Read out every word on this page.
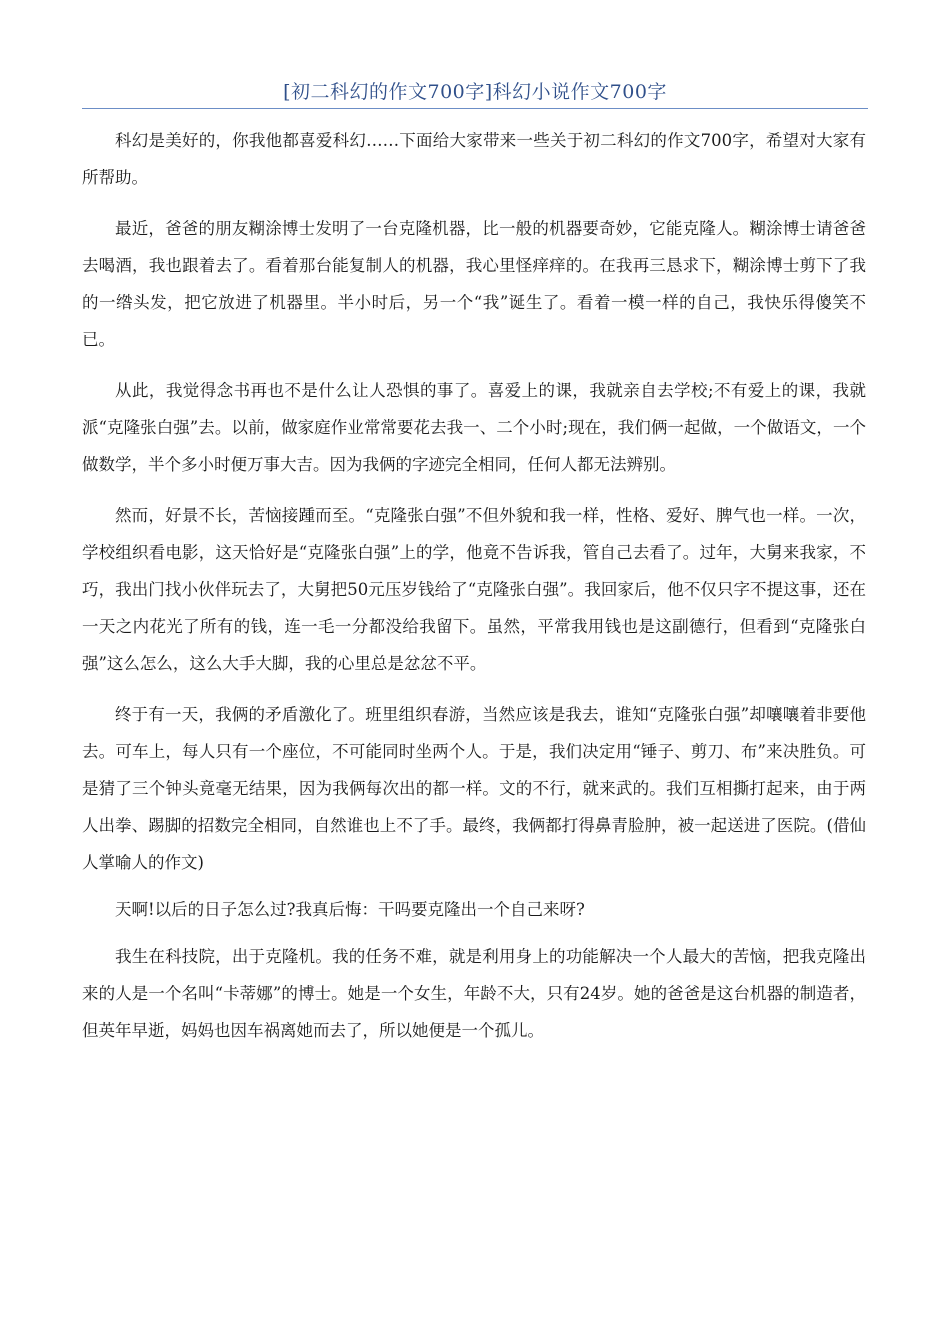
[初二科幻的作文700字]科幻小说作文700字

科幻是美好的，你我他都喜爱科幻……下面给大家带来一些关于初二科幻的作文700字，希望对大家有所帮助。

最近，爸爸的朋友糊涂博士发明了一台克隆机器，比一般的机器要奇妙，它能克隆人。糊涂博士请爸爸去喝酒，我也跟着去了。看着那台能复制人的机器，我心里怪痒痒的。在我再三恳求下，糊涂博士剪下了我的一绺头发，把它放进了机器里。半小时后，另一个“我”诞生了。看着一模一样的自己，我快乐得傻笑不已。

从此，我觉得念书再也不是什么让人恐惧的事了。喜爱上的课，我就亲自去学校;不有爱上的课，我就派“克隆张白强”去。以前，做家庭作业常常要花去我一、二个小时;现在，我们俩一起做，一个做语文，一个做数学，半个多小时便万事大吉。因为我俩的字迹完全相同，任何人都无法辨别。

然而，好景不长，苦恼接踵而至。“克隆张白强”不但外貌和我一样，性格、爱好、脾气也一样。一次，学校组织看电影，这天恰好是“克隆张白强”上的学，他竟不告诉我，管自己去看了。过年，大舅来我家，不巧，我出门找小伙伴玩去了，大舅把50元压岁钱给了“克隆张白强”。我回家后，他不仅只字不提这事，还在一天之内花光了所有的钱，连一毛一分都没给我留下。虽然，平常我用钱也是这副德行，但看到“克隆张白强”这么怎么，这么大手大脚，我的心里总是忿忿不平。

终于有一天，我俩的矛盾激化了。班里组织春游，当然应该是我去，谁知“克隆张白强”却嚷嚷着非要他去。可车上，每人只有一个座位，不可能同时坐两个人。于是，我们决定用“锤子、剪刀、布”来决胜负。可是猜了三个钟头竟毫无结果，因为我俩每次出的都一样。文的不行，就来武的。我们互相撕打起来，由于两人出拳、踢脚的招数完全相同，自然谁也上不了手。最终，我俩都打得鼻青脸肿，被一起送进了医院。(借仙人掌喻人的作文)

天啊!以后的日子怎么过?我真后悔：干吗要克隆出一个自己来呀?

我生在科技院，出于克隆机。我的任务不难，就是利用身上的功能解决一个人最大的苦恼，把我克隆出来的人是一个名叫“卡蒂娜”的博士。她是一个女生，年龄不大，只有24岁。她的爸爸是这台机器的制造者，但英年早逝，妈妈也因车祸离她而去了，所以她便是一个孤儿。
